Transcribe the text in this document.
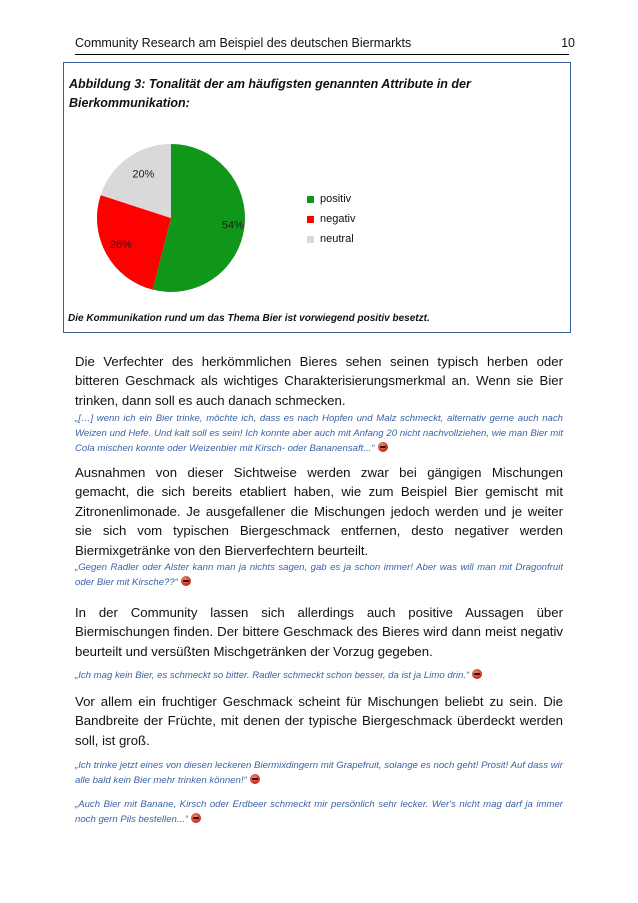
Community Research am Beispiel des deutschen Biermarkts	10
Abbildung 3: Tonalität der am häufigsten genannten Attribute in der Bierkommunikation:
54%
26%
20%
positiv
negativ
neutral
Die Kommunikation rund um das Thema Bier ist vorwiegend positiv besetzt.
Die Verfechter des herkömmlichen Bieres sehen seinen typisch herben oder bitteren Geschmack als wichtiges Charakterisierungsmerkmal an. Wenn sie Bier trinken, dann soll es auch danach schmecken.
„[…] wenn ich ein Bier trinke, möchte ich, dass es nach Hopfen und Malz schmeckt, alternativ gerne auch nach Weizen und Hefe. Und kalt soll es sein! Ich konnte aber auch mit Anfang 20 nicht nachvollziehen, wie man Bier mit Cola mischen konnte oder Weizenbier mit Kirsch- oder Bananensaft...“
Ausnahmen von dieser Sichtweise werden zwar bei gängigen Mischungen gemacht, die sich bereits etabliert haben, wie zum Beispiel Bier gemischt mit Zitronenlimonade. Je ausgefallener die Mischungen jedoch werden und je weiter sie sich vom typischen Biergeschmack entfernen, desto negativer werden Biermixgetränke von den Bierverfechtern beurteilt.
„Gegen Radler oder Alster kann man ja nichts sagen, gab es ja schon immer! Aber was will man mit Dragonfruit oder Bier mit Kirsche??“
In der Community lassen sich allerdings auch positive Aussagen über Biermischungen finden. Der bittere Geschmack des Bieres wird dann meist negativ beurteilt und versüßten Mischgetränken der Vorzug gegeben.
„Ich mag kein Bier, es schmeckt so bitter. Radler schmeckt schon besser, da ist ja Limo drin.“
Vor allem ein fruchtiger Geschmack scheint für Mischungen beliebt zu sein. Die Bandbreite der Früchte, mit denen der typische Biergeschmack überdeckt werden soll, ist groß.
„Ich trinke jetzt eines von diesen leckeren Biermixdingern mit Grapefruit, solange es noch geht! Prosit! Auf dass wir alle bald kein Bier mehr trinken können!“
„Auch Bier mit Banane, Kirsch oder Erdbeer schmeckt mir persönlich sehr lecker. Wer's nicht mag darf ja immer noch gern Pils bestellen...“
